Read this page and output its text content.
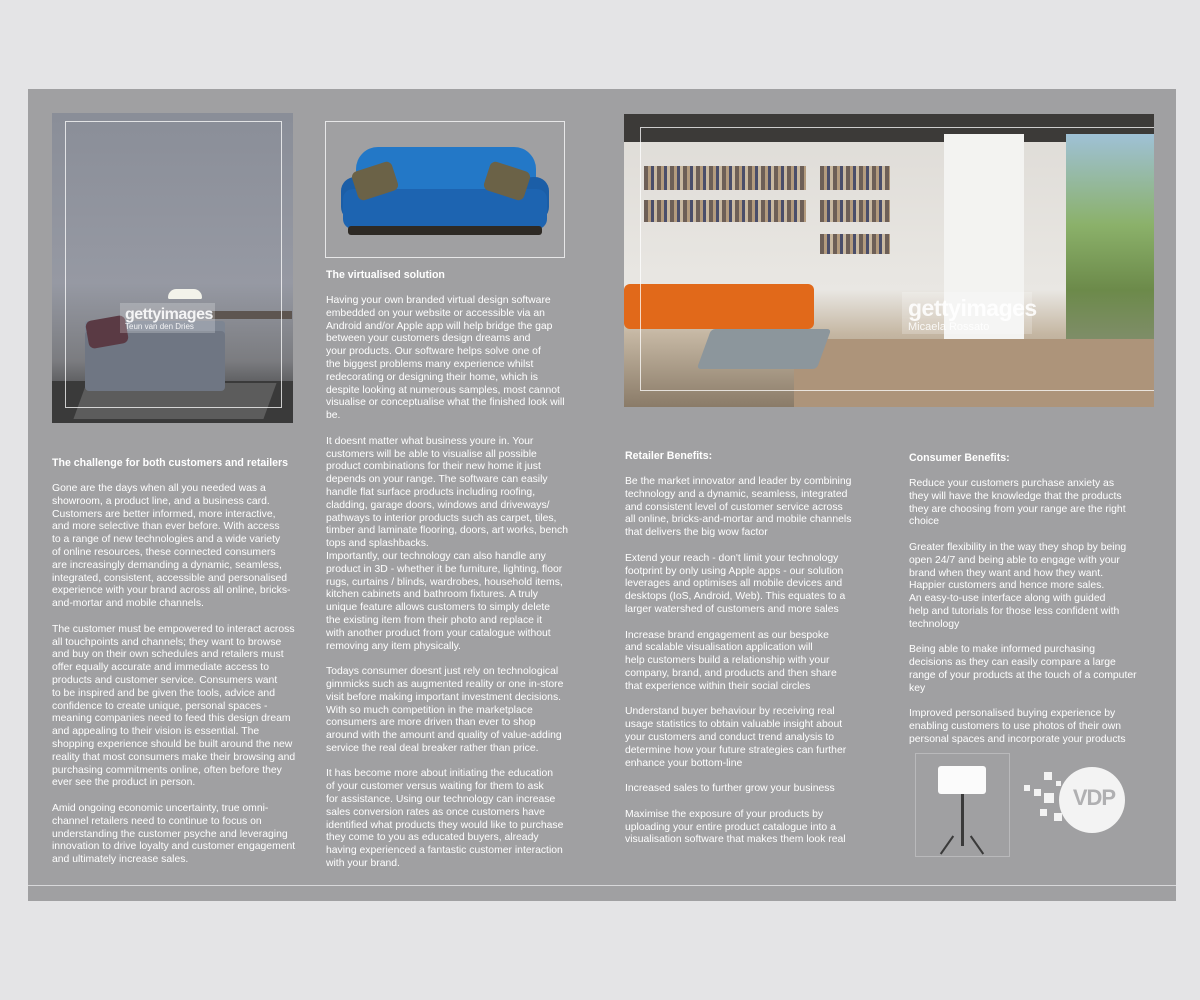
gettyimages
Teun van den Dries
gettyimages
Micaela Rossato
The challenge for both customers and retailers

Gone are the days when all you needed was a
showroom, a product line, and a business card.
Customers are better informed, more interactive,
and more selective than ever before. With access
to a range of new technologies and a wide variety
of online resources, these connected consumers
are increasingly demanding a dynamic, seamless,
integrated, consistent, accessible and personalised
experience with your brand across all online, bricks-
and-mortar and mobile channels.

The customer must be empowered to interact across
all touchpoints and channels; they want to browse
and buy on their own schedules and retailers must
offer equally accurate and immediate access to
products and customer service. Consumers want
to be inspired and be given the tools, advice and
confidence to create unique, personal spaces -
meaning companies need to feed this design dream
and appealing to their vision is essential. The
shopping experience should be built around the new
reality that most consumers make their browsing and
purchasing commitments online, often before they
ever see the product in person.

Amid ongoing economic uncertainty, true omni-
channel retailers need to continue to focus on
understanding the customer psyche and leveraging
innovation to drive loyalty and customer engagement
and ultimately increase sales.

The virtualised solution

Having your own branded virtual design software
embedded on your website or accessible via an
Android and/or Apple app will help bridge the gap
between your customers design dreams and
your products. Our software helps solve one of
the biggest problems many experience whilst
redecorating or designing their home, which is
despite looking at numerous samples, most cannot
visualise or conceptualise what the finished look will
be.

It doesnt matter what business youre in. Your
customers will be able to visualise all possible
product combinations for their new home it just
depends on your range. The software can easily
handle flat surface products including roofing,
cladding, garage doors, windows and driveways/
pathways to interior products such as carpet, tiles,
timber and laminate flooring, doors, art works, bench
tops and splashbacks.
Importantly, our technology can also handle any
product in 3D - whether it be furniture, lighting, floor
rugs, curtains / blinds, wardrobes, household items,
kitchen cabinets and bathroom fixtures. A truly
unique feature allows customers to simply delete
the existing item from their photo and replace it
with another product from your catalogue without
removing any item physically.

Todays consumer doesnt just rely on technological
gimmicks such as augmented reality or one in-store
visit before making important investment decisions.
With so much competition in the marketplace
consumers are more driven than ever to shop
around with the amount and quality of value-adding
service the real deal breaker rather than price.

It has become more about initiating the education
of your customer versus waiting for them to ask
for assistance. Using our technology can increase
sales conversion rates as once customers have
identified what products they would like to purchase
they come to you as educated buyers, already
having experienced a fantastic customer interaction
with your brand.

Retailer Benefits:

Be the market innovator and leader by combining
technology and a dynamic, seamless, integrated
and consistent level of customer service across
all online, bricks-and-mortar and mobile channels
that delivers the big wow factor

Extend your reach - don't limit your technology
footprint by only using Apple apps - our solution
leverages and optimises all mobile devices and
desktops (IoS, Android, Web). This equates to a
larger watershed of customers and more sales

Increase brand engagement as our bespoke
and scalable visualisation application will
help customers build a relationship with your
company, brand, and products and then share
that experience within their social circles

Understand buyer behaviour by receiving real
usage statistics to obtain valuable insight about
your customers and conduct trend analysis to
determine how your future strategies can further
enhance your bottom-line

Increased sales to further grow your business

Maximise the exposure of your products by
uploading your entire product catalogue into a
visualisation software that makes them look real

Consumer Benefits:

Reduce your customers purchase anxiety as
they will have the knowledge that the products
they are choosing from your range are the right
choice

Greater flexibility in the way they shop by being
open 24/7 and being able to engage with your
brand when they want and how they want.
Happier customers and hence more sales.
An easy-to-use interface along with guided
help and tutorials for those less confident with
technology

Being able to make informed purchasing
decisions as they can easily compare a large
range of your products at the touch of a computer
key

Improved personalised buying experience by
enabling customers to use photos of their own
personal spaces and incorporate your products

VDP
